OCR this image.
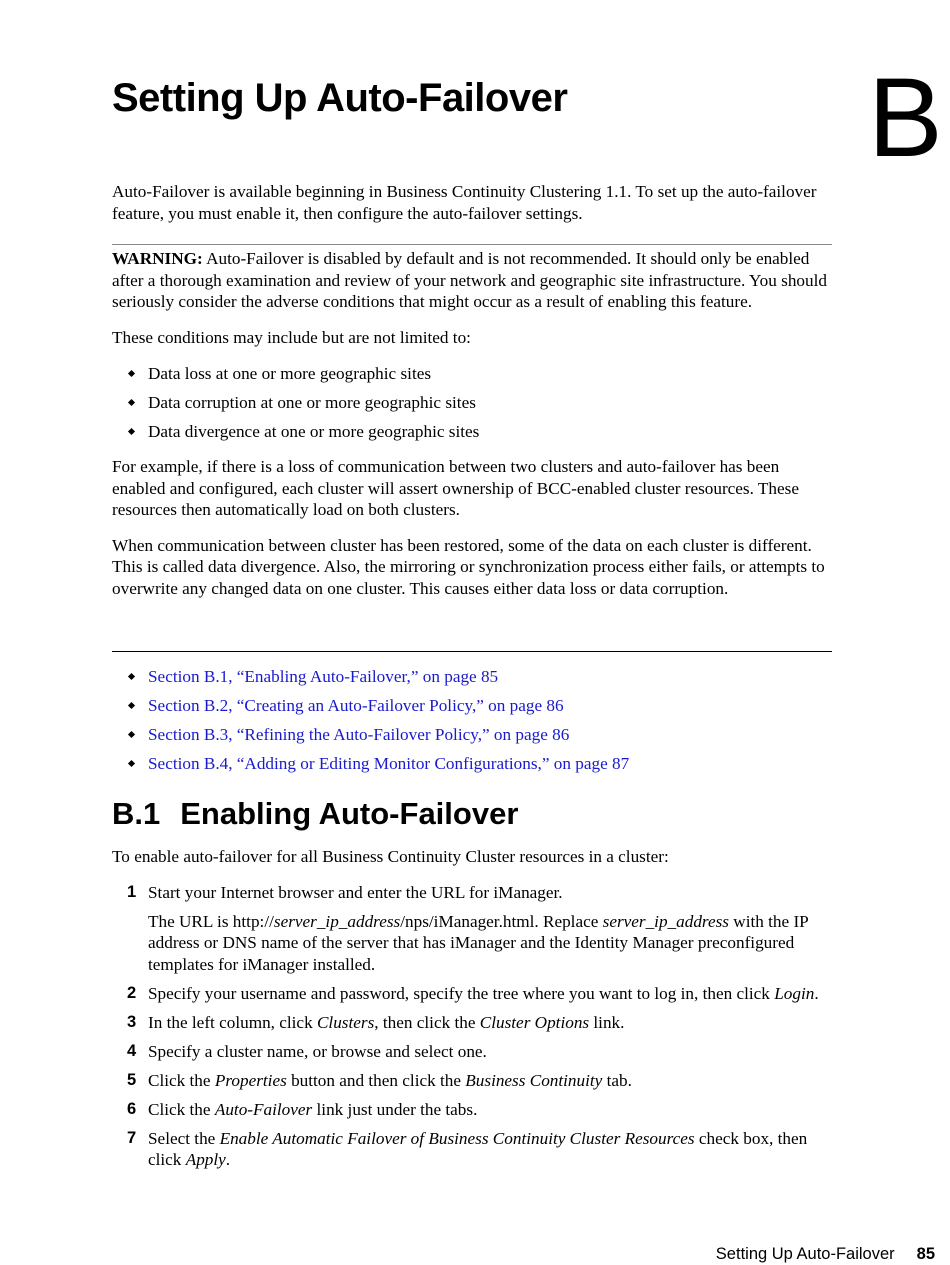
Setting Up Auto-Failover	B

Auto-Failover is available beginning in Business Continuity Clustering 1.1. To set up the auto-failover feature, you must enable it, then configure the auto-failover settings.

WARNING: Auto-Failover is disabled by default and is not recommended. It should only be enabled after a thorough examination and review of your network and geographic site infrastructure. You should seriously consider the adverse conditions that might occur as a result of enabling this feature.

These conditions may include but are not limited to:

Data loss at one or more geographic sites
Data corruption at one or more geographic sites
Data divergence at one or more geographic sites

For example, if there is a loss of communication between two clusters and auto-failover has been enabled and configured, each cluster will assert ownership of BCC-enabled cluster resources. These resources then automatically load on both clusters.

When communication between cluster has been restored, some of the data on each cluster is different. This is called data divergence. Also, the mirroring or synchronization process either fails, or attempts to overwrite any changed data on one cluster. This causes either data loss or data corruption.

Section B.1, “Enabling Auto-Failover,” on page 85
Section B.2, “Creating an Auto-Failover Policy,” on page 86
Section B.3, “Refining the Auto-Failover Policy,” on page 86
Section B.4, “Adding or Editing Monitor Configurations,” on page 87
B.1 Enabling Auto-Failover

To enable auto-failover for all Business Continuity Cluster resources in a cluster:

1 Start your Internet browser and enter the URL for iManager.
The URL is http://server_ip_address/nps/iManager.html. Replace server_ip_address with the IP address or DNS name of the server that has iManager and the Identity Manager preconfigured templates for iManager installed.
2 Specify your username and password, specify the tree where you want to log in, then click Login.
3 In the left column, click Clusters, then click the Cluster Options link.
4 Specify a cluster name, or browse and select one.
5 Click the Properties button and then click the Business Continuity tab.
6 Click the Auto-Failover link just under the tabs.
7 Select the Enable Automatic Failover of Business Continuity Cluster Resources check box, then click Apply.
Setting Up Auto-Failover 85
